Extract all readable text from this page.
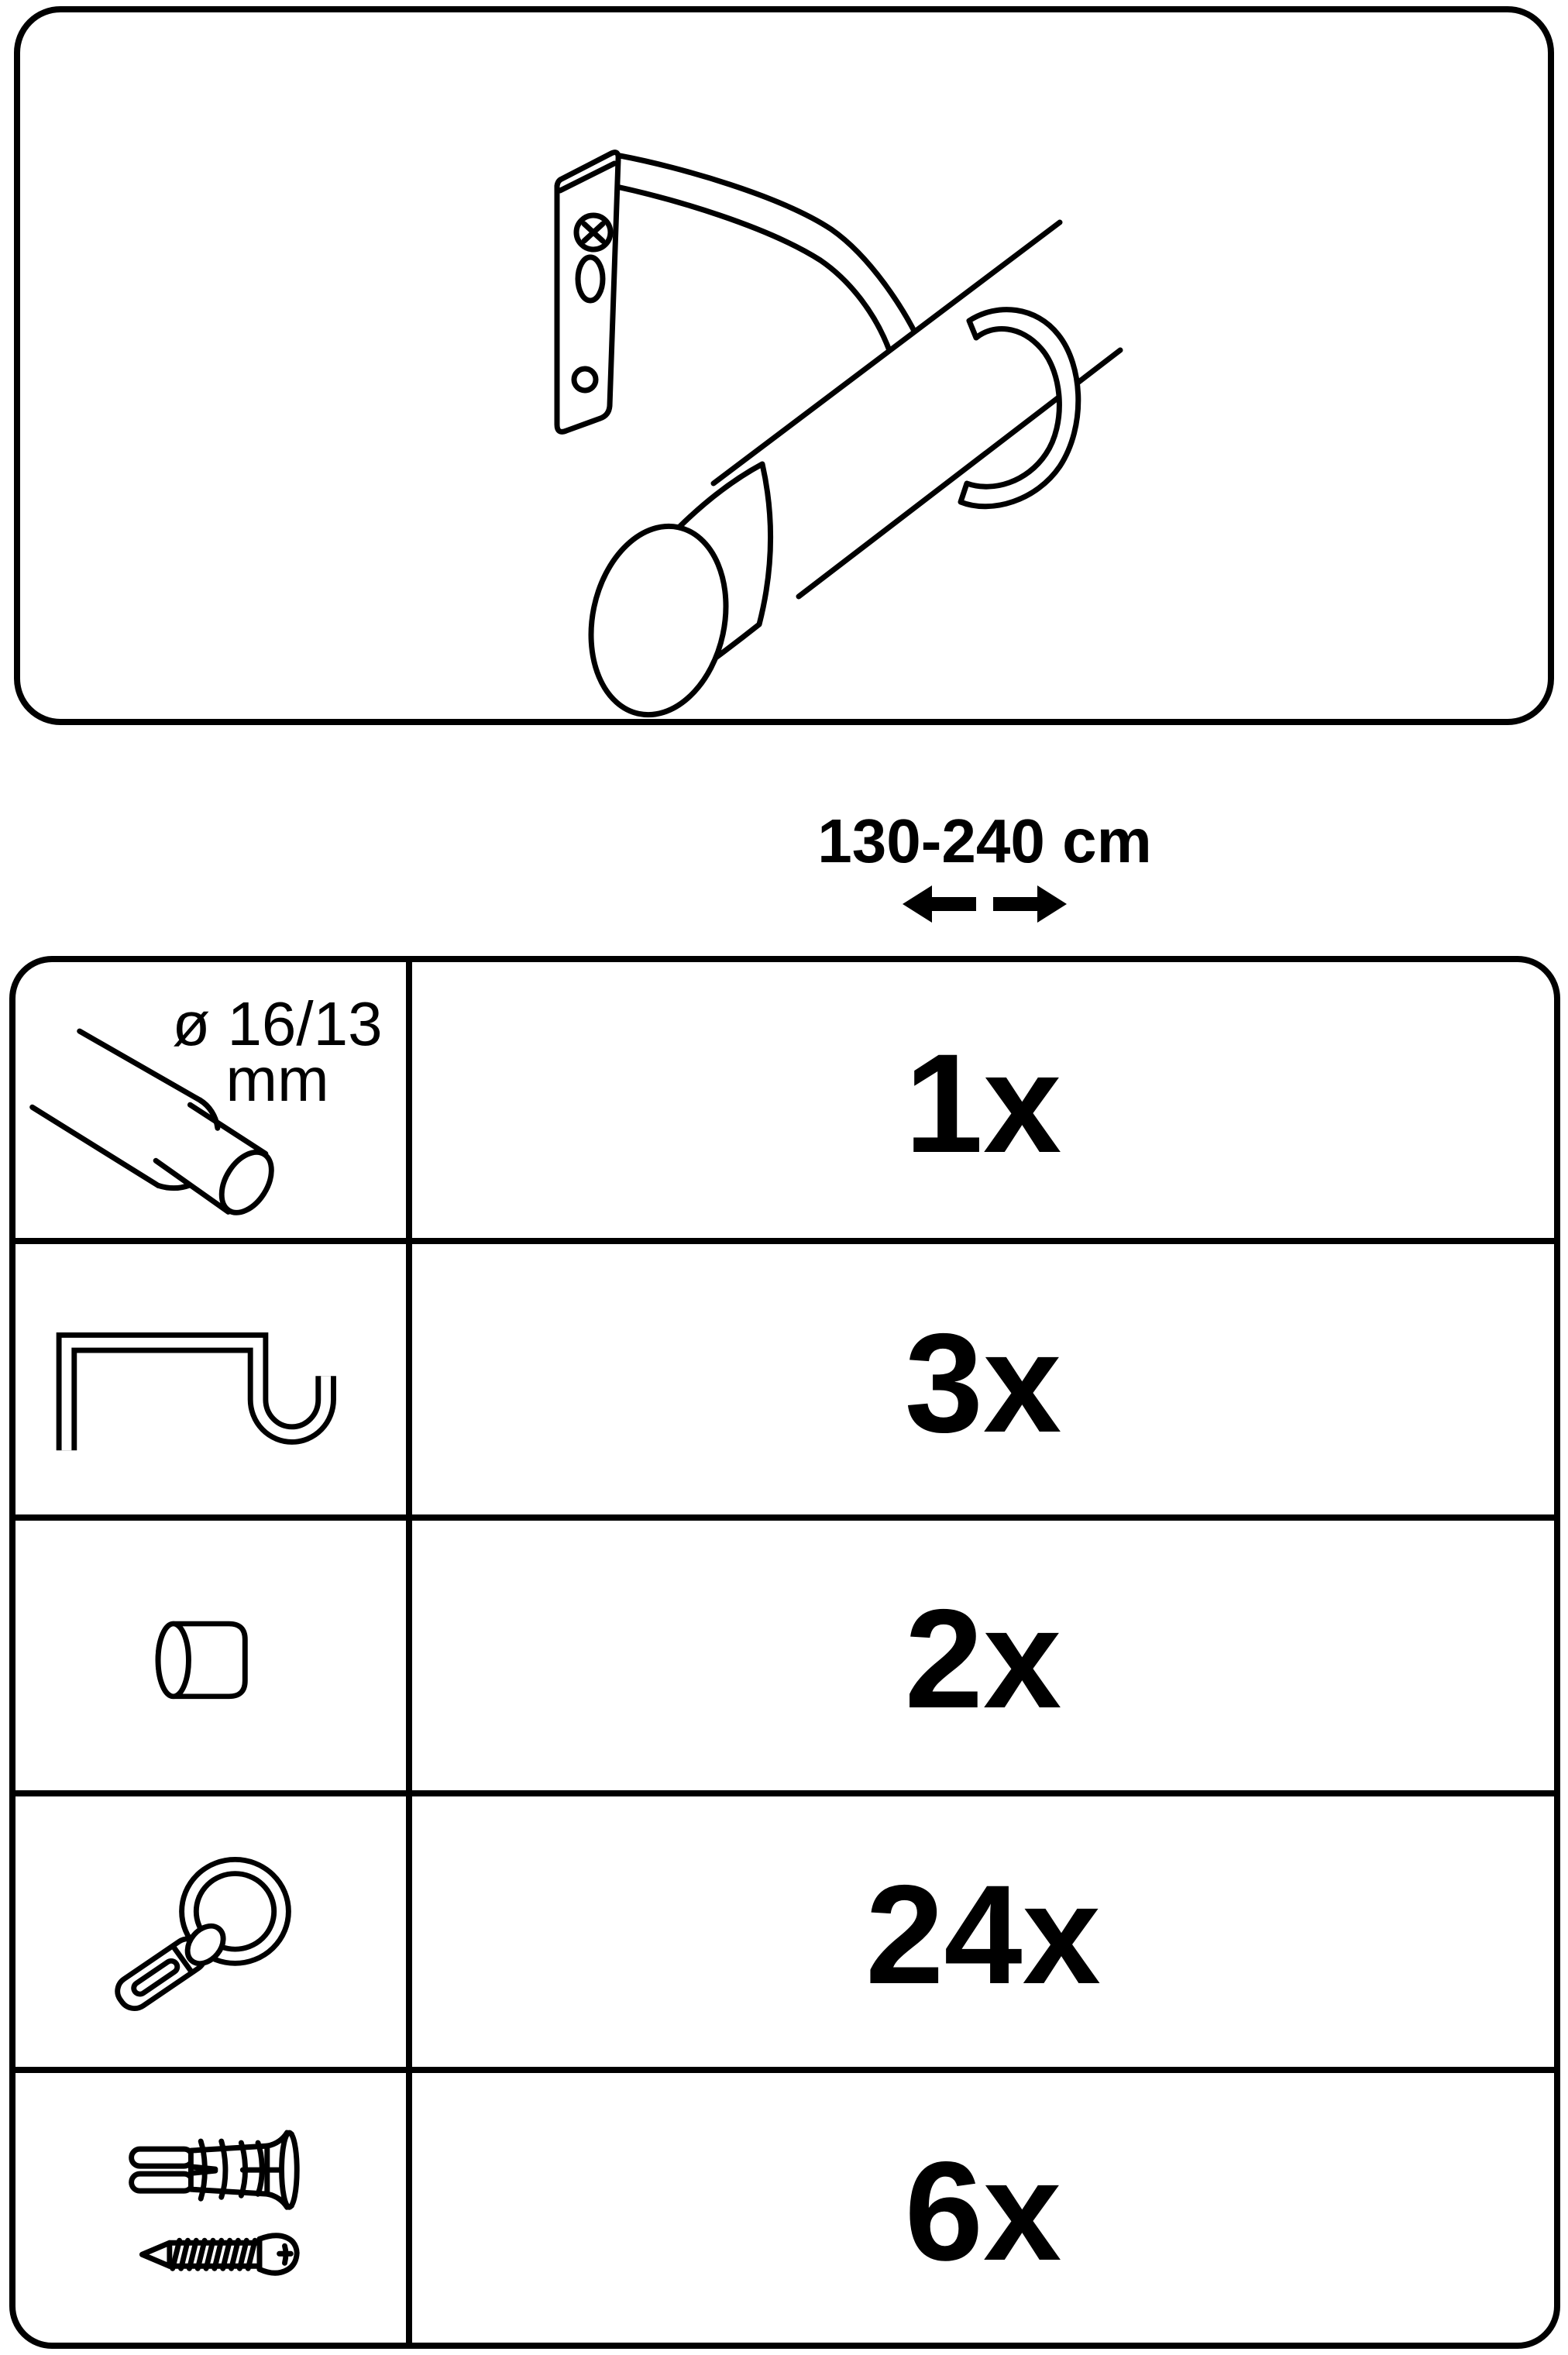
130-240 cm
ø 16/13
mm	1x
3x
2x
24x
6x
